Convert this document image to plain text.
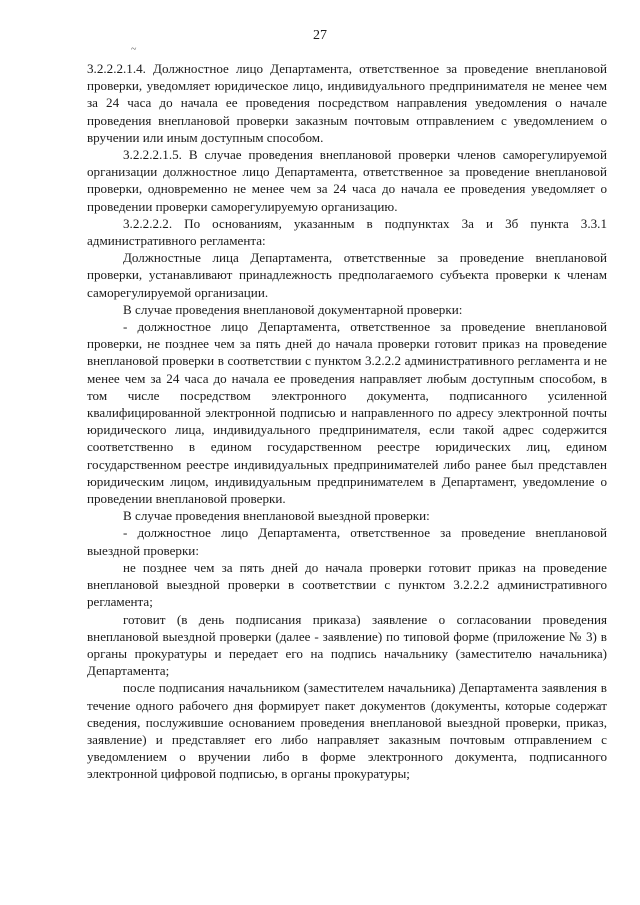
27
~

3.2.2.2.1.4. Должностное лицо Департамента, ответственное за проведение внеплановой проверки, уведомляет юридическое лицо, индивидуального предпринимателя не менее чем за 24 часа до начала ее проведения посредством направления уведомления о начале проведения внеплановой проверки заказным почтовым отправлением с уведомлением о вручении или иным доступным способом.

3.2.2.2.1.5. В случае проведения внеплановой проверки членов саморегулируемой организации должностное лицо Департамента, ответственное за проведение внеплановой проверки, одновременно не менее чем за 24 часа до начала ее проведения уведомляет о проведении проверки саморегулируемую организацию.

3.2.2.2.2. По основаниям, указанным в подпунктах 3а и 3б пункта 3.3.1 административного регламента:

Должностные лица Департамента, ответственные за проведение внеплановой проверки, устанавливают принадлежность предполагаемого субъекта проверки к членам саморегулируемой организации.

В случае проведения внеплановой документарной проверки:

- должностное лицо Департамента, ответственное за проведение внеплановой проверки, не позднее чем за пять дней до начала проверки готовит приказ на проведение внеплановой проверки в соответствии с пунктом 3.2.2.2 административного регламента и не менее чем за 24 часа до начала ее проведения направляет любым доступным способом, в том числе посредством электронного документа, подписанного усиленной квалифицированной электронной подписью и направленного по адресу электронной почты юридического лица, индивидуального предпринимателя, если такой адрес содержится соответственно в едином государственном реестре юридических лиц, едином государственном реестре индивидуальных предпринимателей либо ранее был представлен юридическим лицом, индивидуальным предпринимателем в Департамент, уведомление о проведении внеплановой проверки.

В случае проведения внеплановой выездной проверки:

- должностное лицо Департамента, ответственное за проведение внеплановой выездной проверки:

не позднее чем за пять дней до начала проверки готовит приказ на проведение внеплановой выездной проверки в соответствии с пунктом 3.2.2.2 административного регламента;

готовит (в день подписания приказа) заявление о согласовании проведения внеплановой выездной проверки (далее - заявление) по типовой форме (приложение № 3) в органы прокуратуры и передает его на подпись начальнику (заместителю начальника) Департамента;

после подписания начальником (заместителем начальника) Департамента заявления в течение одного рабочего дня формирует пакет документов (документы, которые содержат сведения, послужившие основанием проведения внеплановой выездной проверки, приказ, заявление) и представляет его либо направляет заказным почтовым отправлением с уведомлением о вручении либо в форме электронного документа, подписанного электронной цифровой подписью, в органы прокуратуры;
